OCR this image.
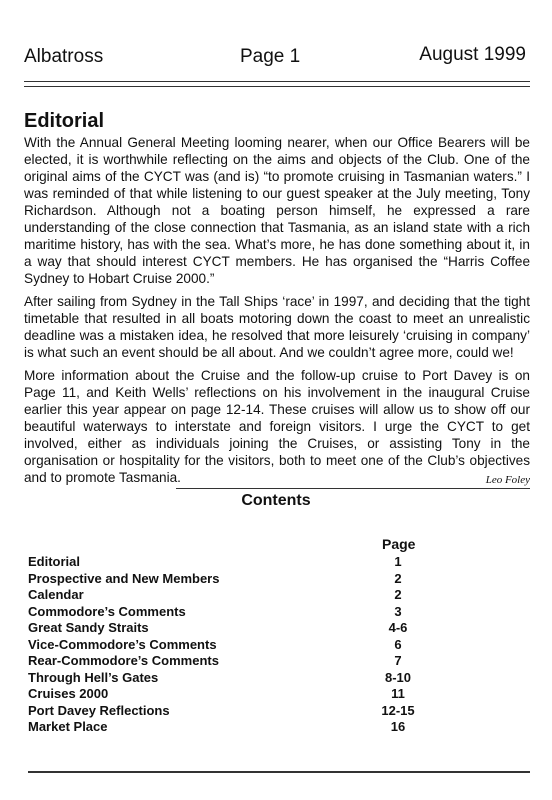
Albatross	Page 1	August 1999
Editorial

With the Annual General Meeting looming nearer, when our Office Bearers will be elected, it is worthwhile reflecting on the aims and objects of the Club. One of the original aims of the CYCT was (and is) “to promote cruising in Tasmanian waters.” I was reminded of that while listening to our guest speaker at the July meeting, Tony Richardson. Although not a boating person himself, he expressed a rare understanding of the close connection that Tasmania, as an island state with a rich maritime history, has with the sea. What’s more, he has done something about it, in a way that should interest CYCT members. He has organised the “Harris Coffee Sydney to Hobart Cruise 2000.”

After sailing from Sydney in the Tall Ships ‘race’ in 1997, and deciding that the tight timetable that resulted in all boats motoring down the coast to meet an unrealistic deadline was a mistaken idea, he resolved that more leisurely ‘cruising in company’ is what such an event should be all about. And we couldn’t agree more, could we!

More information about the Cruise and the follow-up cruise to Port Davey is on Page 11, and Keith Wells’ reflections on his involvement in the inaugural Cruise earlier this year appear on page 12-14. These cruises will allow us to show off our beautiful waterways to interstate and foreign visitors. I urge the CYCT to get involved, either as individuals joining the Cruises, or assisting Tony in the organisation or hospitality for the visitors, both to meet one of the Club’s objectives and to promote Tasmania.	Leo Foley
Contents
Page
Editorial	1
Prospective and New Members	2
Calendar	2
Commodore’s Comments	3
Great Sandy Straits	4-6
Vice-Commodore’s Comments	6
Rear-Commodore’s Comments	7
Through Hell’s Gates	8-10
Cruises 2000	11
Port Davey Reflections	12-15
Market Place	16
